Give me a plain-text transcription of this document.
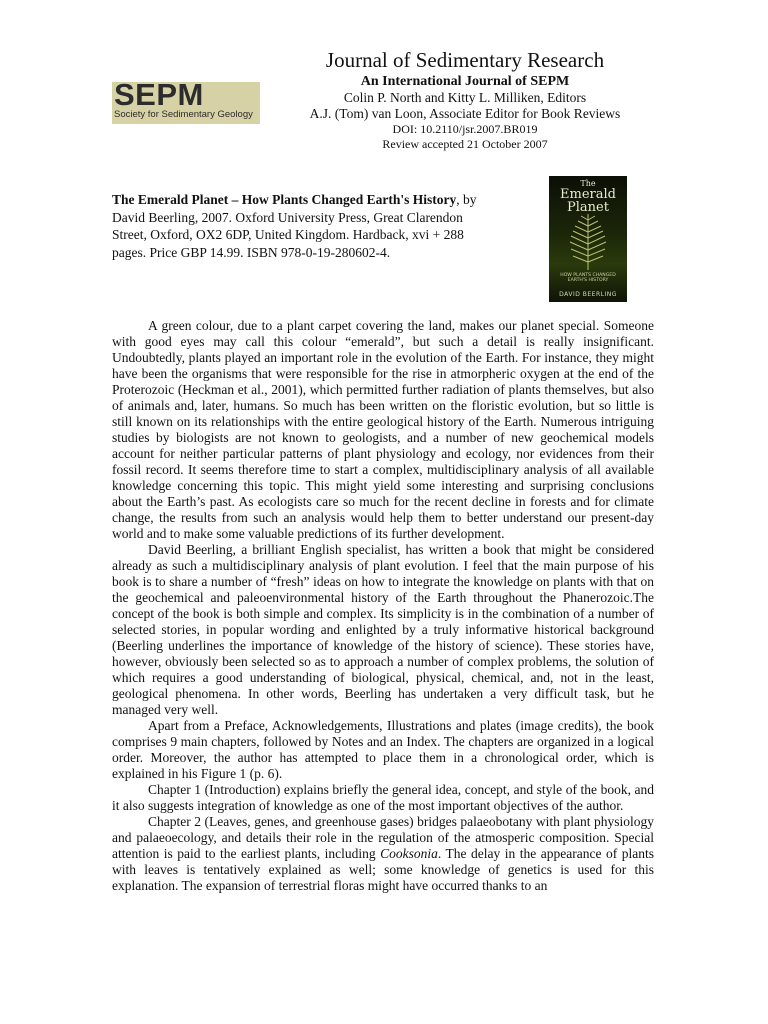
SEPM
Society for Sedimentary Geology
Journal of Sedimentary Research
An International Journal of SEPM
Colin P. North and Kitty L. Milliken, Editors
A.J. (Tom) van Loon, Associate Editor for Book Reviews
DOI: 10.2110/jsr.2007.BR019
Review accepted 21 October 2007
The Emerald Planet – How Plants Changed Earth's History, by David Beerling, 2007. Oxford University Press, Great Clarendon Street, Oxford, OX2 6DP, United Kingdom. Hardback, xvi + 288 pages. Price GBP 14.99. ISBN 978-0-19-280602-4.
The
Emerald
Planet
HOW PLANTS CHANGED
EARTH'S HISTORY
DAVID BEERLING

A green colour, due to a plant carpet covering the land, makes our planet special. Someone with good eyes may call this colour “emerald”, but such a detail is really insignificant. Undoubtedly, plants played an important role in the evolution of the Earth. For instance, they might have been the organisms that were responsible for the rise in atmorpheric oxygen at the end of the Proterozoic (Heckman et al., 2001), which permitted further radiation of plants themselves, but also of animals and, later, humans. So much has been written on the floristic evolution, but so little is still known on its relationships with the entire geological history of the Earth. Numerous intriguing studies by biologists are not known to geologists, and a number of new geochemical models account for neither particular patterns of plant physiology and ecology, nor evidences from their fossil record. It seems therefore time to start a complex, multidisciplinary analysis of all available knowledge concerning this topic. This might yield some interesting and surprising conclusions about the Earth’s past. As ecologists care so much for the recent decline in forests and for climate change, the results from such an analysis would help them to better understand our present-day world and to make some valuable predictions of its further development.

David Beerling, a brilliant English specialist, has written a book that might be considered already as such a multidisciplinary analysis of plant evolution. I feel that the main purpose of his book is to share a number of “fresh” ideas on how to integrate the knowledge on plants with that on the geochemical and paleoenvironmental history of the Earth throughout the Phanerozoic.The concept of the book is both simple and complex. Its simplicity is in the combination of a number of selected stories, in popular wording and enlighted by a truly informative historical background (Beerling underlines the importance of knowledge of the history of science). These stories have, however, obviously been selected so as to approach a number of complex problems, the solution of which requires a good understanding of biological, physical, chemical, and, not in the least, geological phenomena. In other words, Beerling has undertaken a very difficult task, but he managed very well.

Apart from a Preface, Acknowledgements, Illustrations and plates (image credits), the book comprises 9 main chapters, followed by Notes and an Index. The chapters are organized in a logical order. Moreover, the author has attempted to place them in a chronological order, which is explained in his Figure 1 (p. 6).

Chapter 1 (Introduction) explains briefly the general idea, concept, and style of the book, and it also suggests integration of knowledge as one of the most important objectives of the author.

Chapter 2 (Leaves, genes, and greenhouse gases) bridges palaeobotany with plant physiology and palaeoecology, and details their role in the regulation of the atmosperic composition. Special attention is paid to the earliest plants, including Cooksonia. The delay in the appearance of plants with leaves is tentatively explained as well; some knowledge of genetics is used for this explanation. The expansion of terrestrial floras might have occurred thanks to an
